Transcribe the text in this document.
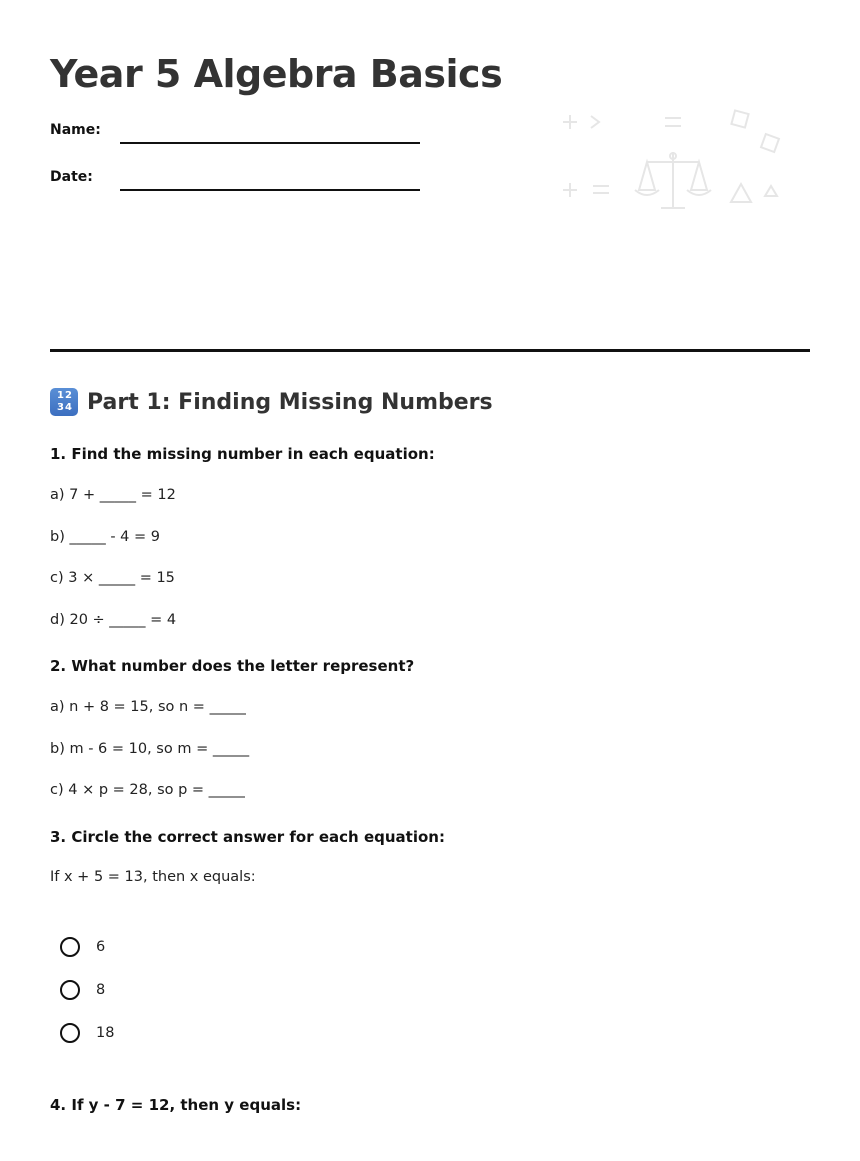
Year 5 Algebra Basics
Name:
Date:
1 2
3 4 Part 1: Finding Missing Numbers
1. Find the missing number in each equation:
a) 7 + _____ = 12
b) _____ - 4 = 9
c) 3 × _____ = 15
d) 20 ÷ _____ = 4
2. What number does the letter represent?
a) n + 8 = 15, so n = _____
b) m - 6 = 10, so m = _____
c) 4 × p = 28, so p = _____
3. Circle the correct answer for each equation:
If x + 5 = 13, then x equals:
6
8
18
4. If y - 7 = 12, then y equals:
